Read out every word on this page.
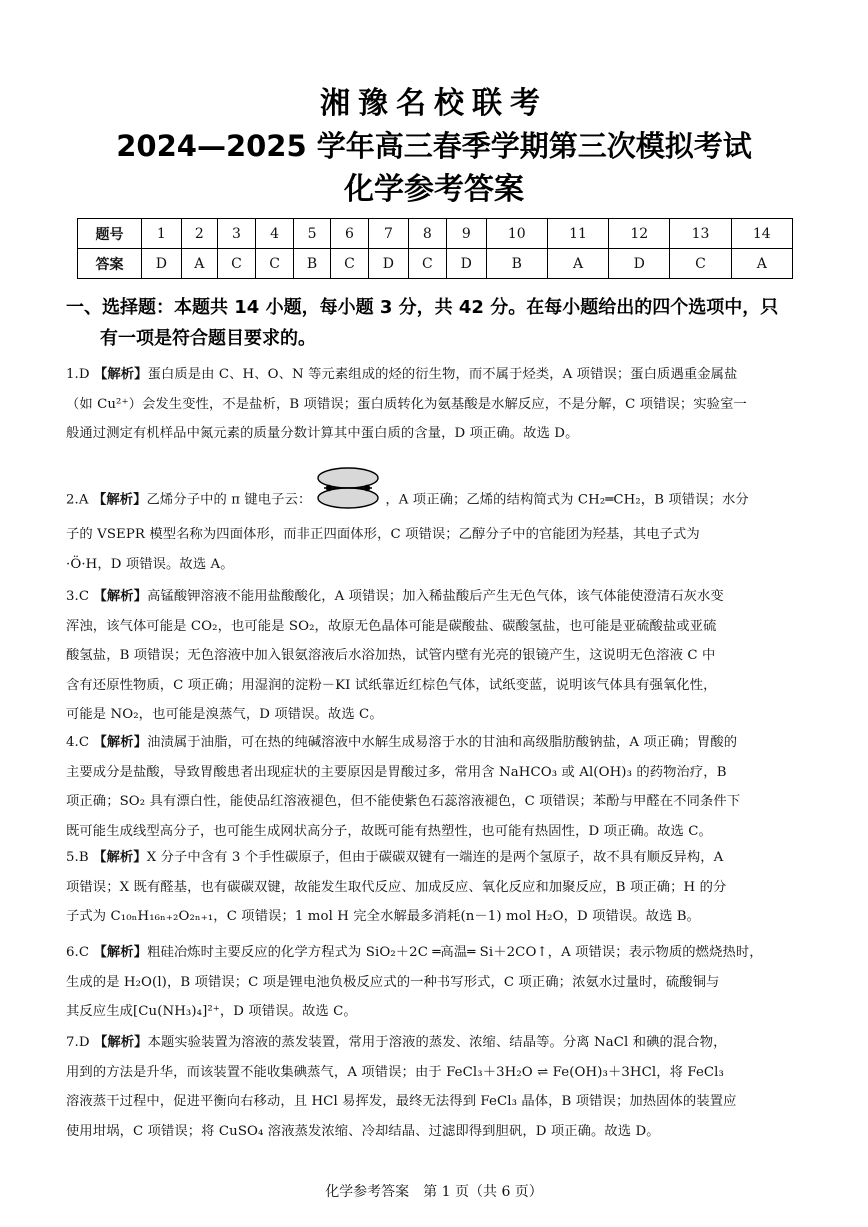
湘豫名校联考
2024—2025 学年高三春季学期第三次模拟考试
化学参考答案
题号	1	2	3	4	5	6	7	8	9	10	11	12	13	14
答案	D	A	C	C	B	C	D	C	D	B	A	D	C	A
一、选择题：本题共 14 小题，每小题 3 分，共 42 分。在每小题给出的四个选项中，只
有一项是符合题目要求的。
1.D 【解析】蛋白质是由 C、H、O、N 等元素组成的烃的衍生物，而不属于烃类，A 项错误；蛋白质遇重金属盐
（如 Cu²⁺）会发生变性，不是盐析，B 项错误；蛋白质转化为氨基酸是水解反应，不是分解，C 项错误；实验室一
般通过测定有机样品中氮元素的质量分数计算其中蛋白质的含量，D 项正确。故选 D。
2.A 【解析】乙烯分子中的 π 键电子云：	，A 项正确；乙烯的结构简式为 CH₂═CH₂，B 项错误；水分
子的 VSEPR 模型名称为四面体形，而非正四面体形，C 项错误；乙醇分子中的官能团为羟基，其电子式为
·Ö·H，D 项错误。故选 A。
3.C 【解析】高锰酸钾溶液不能用盐酸酸化，A 项错误；加入稀盐酸后产生无色气体，该气体能使澄清石灰水变
浑浊，该气体可能是 CO₂，也可能是 SO₂，故原无色晶体可能是碳酸盐、碳酸氢盐，也可能是亚硫酸盐或亚硫
酸氢盐，B 项错误；无色溶液中加入银氨溶液后水浴加热，试管内壁有光亮的银镜产生，这说明无色溶液 C 中
含有还原性物质，C 项正确；用湿润的淀粉－KI 试纸靠近红棕色气体，试纸变蓝，说明该气体具有强氧化性，
可能是 NO₂，也可能是溴蒸气，D 项错误。故选 C。
4.C 【解析】油渍属于油脂，可在热的纯碱溶液中水解生成易溶于水的甘油和高级脂肪酸钠盐，A 项正确；胃酸的
主要成分是盐酸，导致胃酸患者出现症状的主要原因是胃酸过多，常用含 NaHCO₃ 或 Al(OH)₃ 的药物治疗，B
项正确；SO₂ 具有漂白性，能使品红溶液褪色，但不能使紫色石蕊溶液褪色，C 项错误；苯酚与甲醛在不同条件下
既可能生成线型高分子，也可能生成网状高分子，故既可能有热塑性，也可能有热固性，D 项正确。故选 C。
5.B 【解析】X 分子中含有 3 个手性碳原子，但由于碳碳双键有一端连的是两个氢原子，故不具有顺反异构，A
项错误；X 既有醛基，也有碳碳双键，故能发生取代反应、加成反应、氧化反应和加聚反应，B 项正确；H 的分
子式为 C₁₀ₙH₁₆ₙ₊₂O₂ₙ₊₁，C 项错误；1 mol H 完全水解最多消耗(n－1) mol H₂O，D 项错误。故选 B。
6.C 【解析】粗硅冶炼时主要反应的化学方程式为 SiO₂＋2C ═高温═ Si＋2CO↑，A 项错误；表示物质的燃烧热时，
生成的是 H₂O(l)，B 项错误；C 项是锂电池负极反应式的一种书写形式，C 项正确；浓氨水过量时，硫酸铜与
其反应生成[Cu(NH₃)₄]²⁺，D 项错误。故选 C。
7.D 【解析】本题实验装置为溶液的蒸发装置，常用于溶液的蒸发、浓缩、结晶等。分离 NaCl 和碘的混合物，
用到的方法是升华，而该装置不能收集碘蒸气，A 项错误；由于 FeCl₃＋3H₂O ⇌ Fe(OH)₃＋3HCl，将 FeCl₃
溶液蒸干过程中，促进平衡向右移动，且 HCl 易挥发，最终无法得到 FeCl₃ 晶体，B 项错误；加热固体的装置应
使用坩埚，C 项错误；将 CuSO₄ 溶液蒸发浓缩、冷却结晶、过滤即得到胆矾，D 项正确。故选 D。
化学参考答案　第 1 页（共 6 页）
